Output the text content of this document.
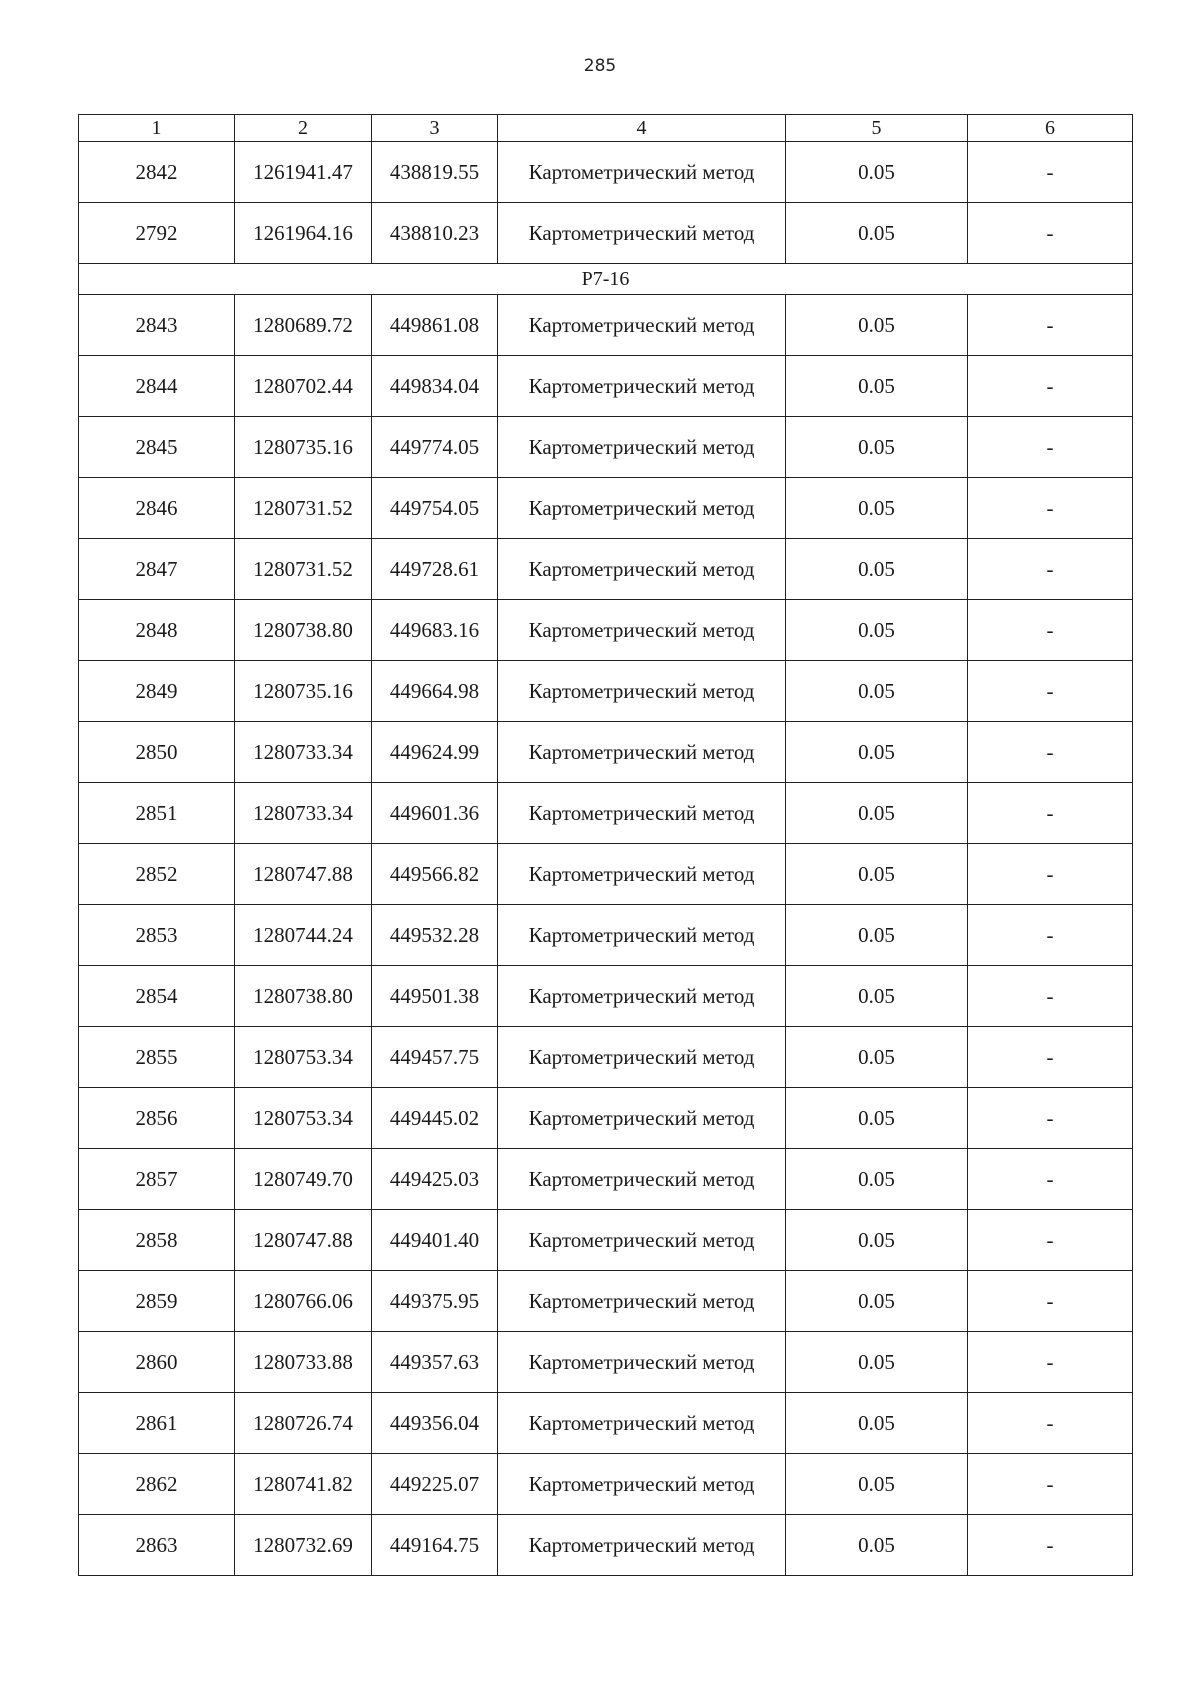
285
1	2	3	4	5	6
2842	1261941.47	438819.55	Картометрический метод	0.05	-
2792	1261964.16	438810.23	Картометрический метод	0.05	-
Р7-16					
2843	1280689.72	449861.08	Картометрический метод	0.05	-
2844	1280702.44	449834.04	Картометрический метод	0.05	-
2845	1280735.16	449774.05	Картометрический метод	0.05	-
2846	1280731.52	449754.05	Картометрический метод	0.05	-
2847	1280731.52	449728.61	Картометрический метод	0.05	-
2848	1280738.80	449683.16	Картометрический метод	0.05	-
2849	1280735.16	449664.98	Картометрический метод	0.05	-
2850	1280733.34	449624.99	Картометрический метод	0.05	-
2851	1280733.34	449601.36	Картометрический метод	0.05	-
2852	1280747.88	449566.82	Картометрический метод	0.05	-
2853	1280744.24	449532.28	Картометрический метод	0.05	-
2854	1280738.80	449501.38	Картометрический метод	0.05	-
2855	1280753.34	449457.75	Картометрический метод	0.05	-
2856	1280753.34	449445.02	Картометрический метод	0.05	-
2857	1280749.70	449425.03	Картометрический метод	0.05	-
2858	1280747.88	449401.40	Картометрический метод	0.05	-
2859	1280766.06	449375.95	Картометрический метод	0.05	-
2860	1280733.88	449357.63	Картометрический метод	0.05	-
2861	1280726.74	449356.04	Картометрический метод	0.05	-
2862	1280741.82	449225.07	Картометрический метод	0.05	-
2863	1280732.69	449164.75	Картометрический метод	0.05	-
